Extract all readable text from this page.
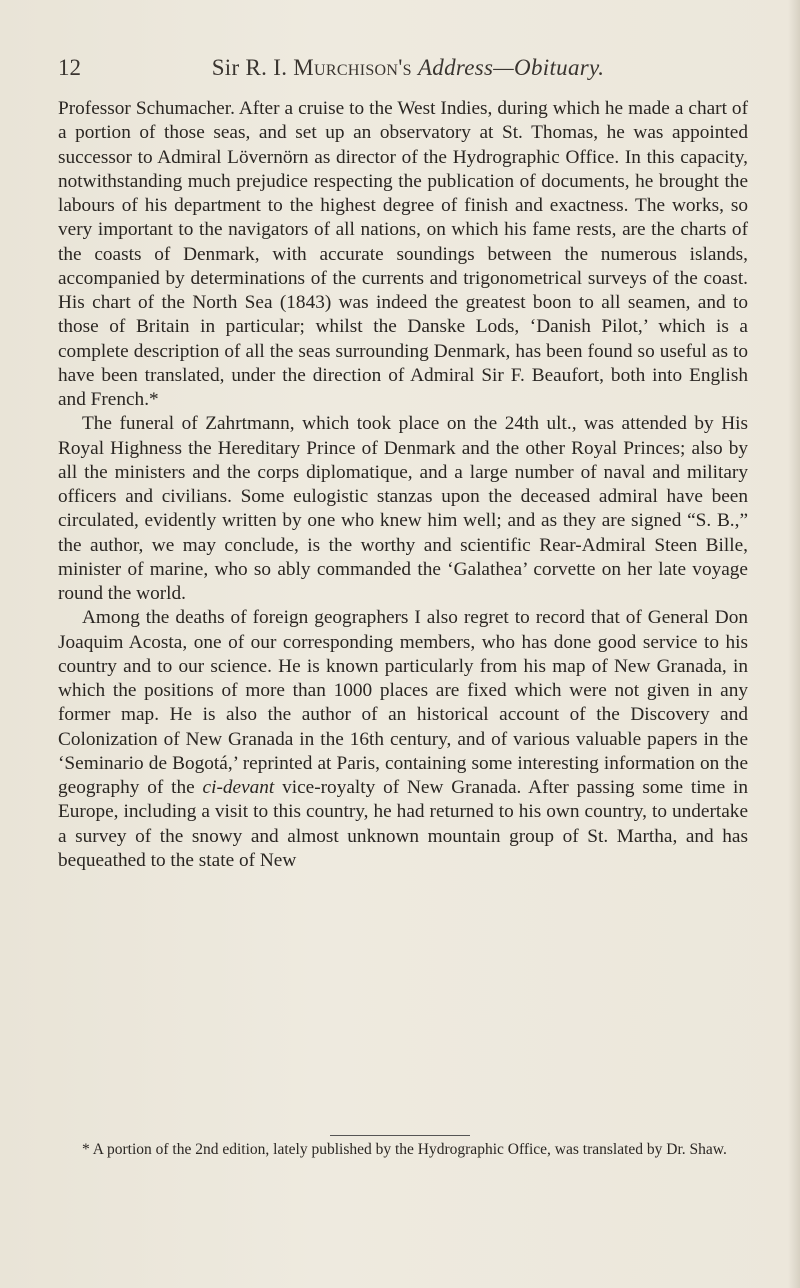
12	Sir R. I. Murchison's Address—Obituary.

Professor Schumacher. After a cruise to the West Indies, during which he made a chart of a portion of those seas, and set up an observatory at St. Thomas, he was appointed successor to Admiral Lövernörn as director of the Hydrographic Office. In this capacity, notwithstanding much prejudice respecting the publication of documents, he brought the labours of his department to the highest degree of finish and exactness. The works, so very important to the navigators of all nations, on which his fame rests, are the charts of the coasts of Denmark, with accurate soundings between the numerous islands, accompanied by determinations of the currents and trigonometrical surveys of the coast. His chart of the North Sea (1843) was indeed the greatest boon to all seamen, and to those of Britain in particular; whilst the Danske Lods, ‘Danish Pilot,’ which is a complete description of all the seas surrounding Denmark, has been found so useful as to have been translated, under the direction of Admiral Sir F. Beaufort, both into English and French.*

The funeral of Zahrtmann, which took place on the 24th ult., was attended by His Royal Highness the Hereditary Prince of Denmark and the other Royal Princes; also by all the ministers and the corps diplomatique, and a large number of naval and military officers and civilians. Some eulogistic stanzas upon the deceased admiral have been circulated, evidently written by one who knew him well; and as they are signed “S. B.,” the author, we may conclude, is the worthy and scientific Rear-Admiral Steen Bille, minister of marine, who so ably commanded the ‘Galathea’ corvette on her late voyage round the world.

Among the deaths of foreign geographers I also regret to record that of General Don Joaquim Acosta, one of our corresponding members, who has done good service to his country and to our science. He is known particularly from his map of New Granada, in which the positions of more than 1000 places are fixed which were not given in any former map. He is also the author of an historical account of the Discovery and Colonization of New Granada in the 16th century, and of various valuable papers in the ‘Seminario de Bogotá,’ reprinted at Paris, containing some interesting information on the geography of the ci-devant vice-royalty of New Granada. After passing some time in Europe, including a visit to this country, he had returned to his own country, to undertake a survey of the snowy and almost unknown mountain group of St. Martha, and has bequeathed to the state of New

* A portion of the 2nd edition, lately published by the Hydrographic Office, was translated by Dr. Shaw.
